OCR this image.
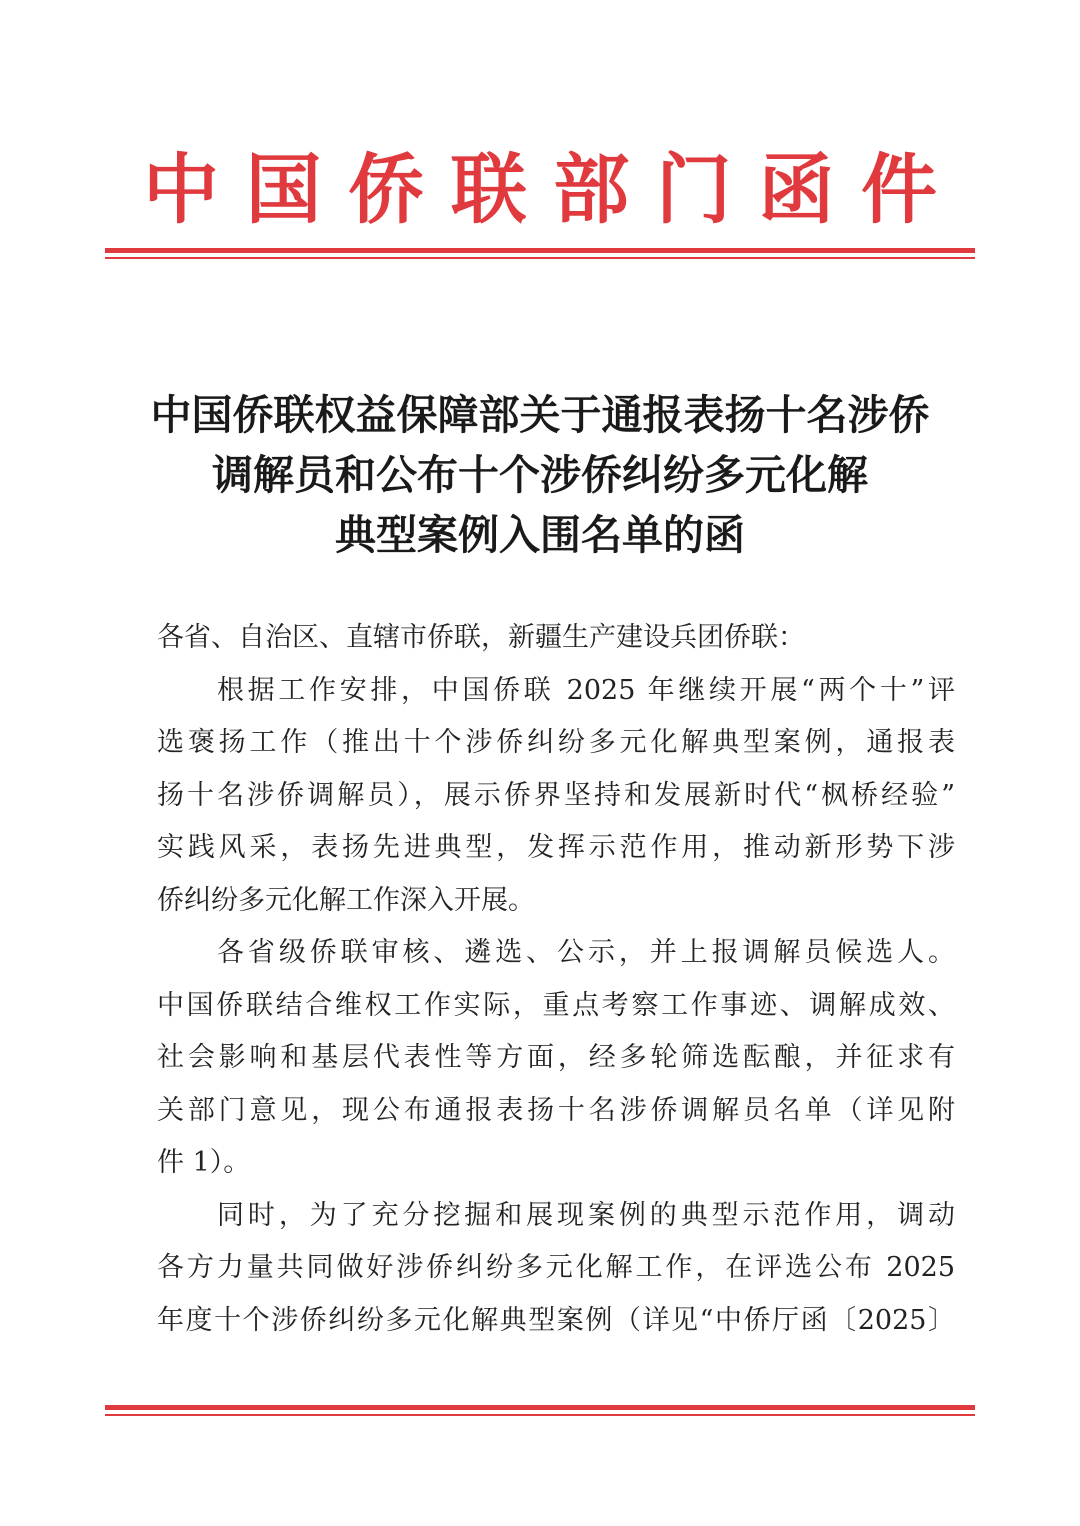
中 国 侨 联 部 门 函 件
中国侨联权益保障部关于通报表扬十名涉侨
调解员和公布十个涉侨纠纷多元化解
典型案例入围名单的函
各省、自治区、直辖市侨联，新疆生产建设兵团侨联：
根据工作安排，中国侨联 2025 年继续开展“两个十”评
选褒扬工作（推出十个涉侨纠纷多元化解典型案例，通报表
扬十名涉侨调解员），展示侨界坚持和发展新时代“枫桥经验”
实践风采，表扬先进典型，发挥示范作用，推动新形势下涉
侨纠纷多元化解工作深入开展。
各省级侨联审核、遴选、公示，并上报调解员候选人。
中国侨联结合维权工作实际，重点考察工作事迹、调解成效、
社会影响和基层代表性等方面，经多轮筛选酝酿，并征求有
关部门意见，现公布通报表扬十名涉侨调解员名单（详见附
件 1）。
同时，为了充分挖掘和展现案例的典型示范作用，调动
各方力量共同做好涉侨纠纷多元化解工作，在评选公布 2025
年度十个涉侨纠纷多元化解典型案例（详见“中侨厅函〔2025〕
